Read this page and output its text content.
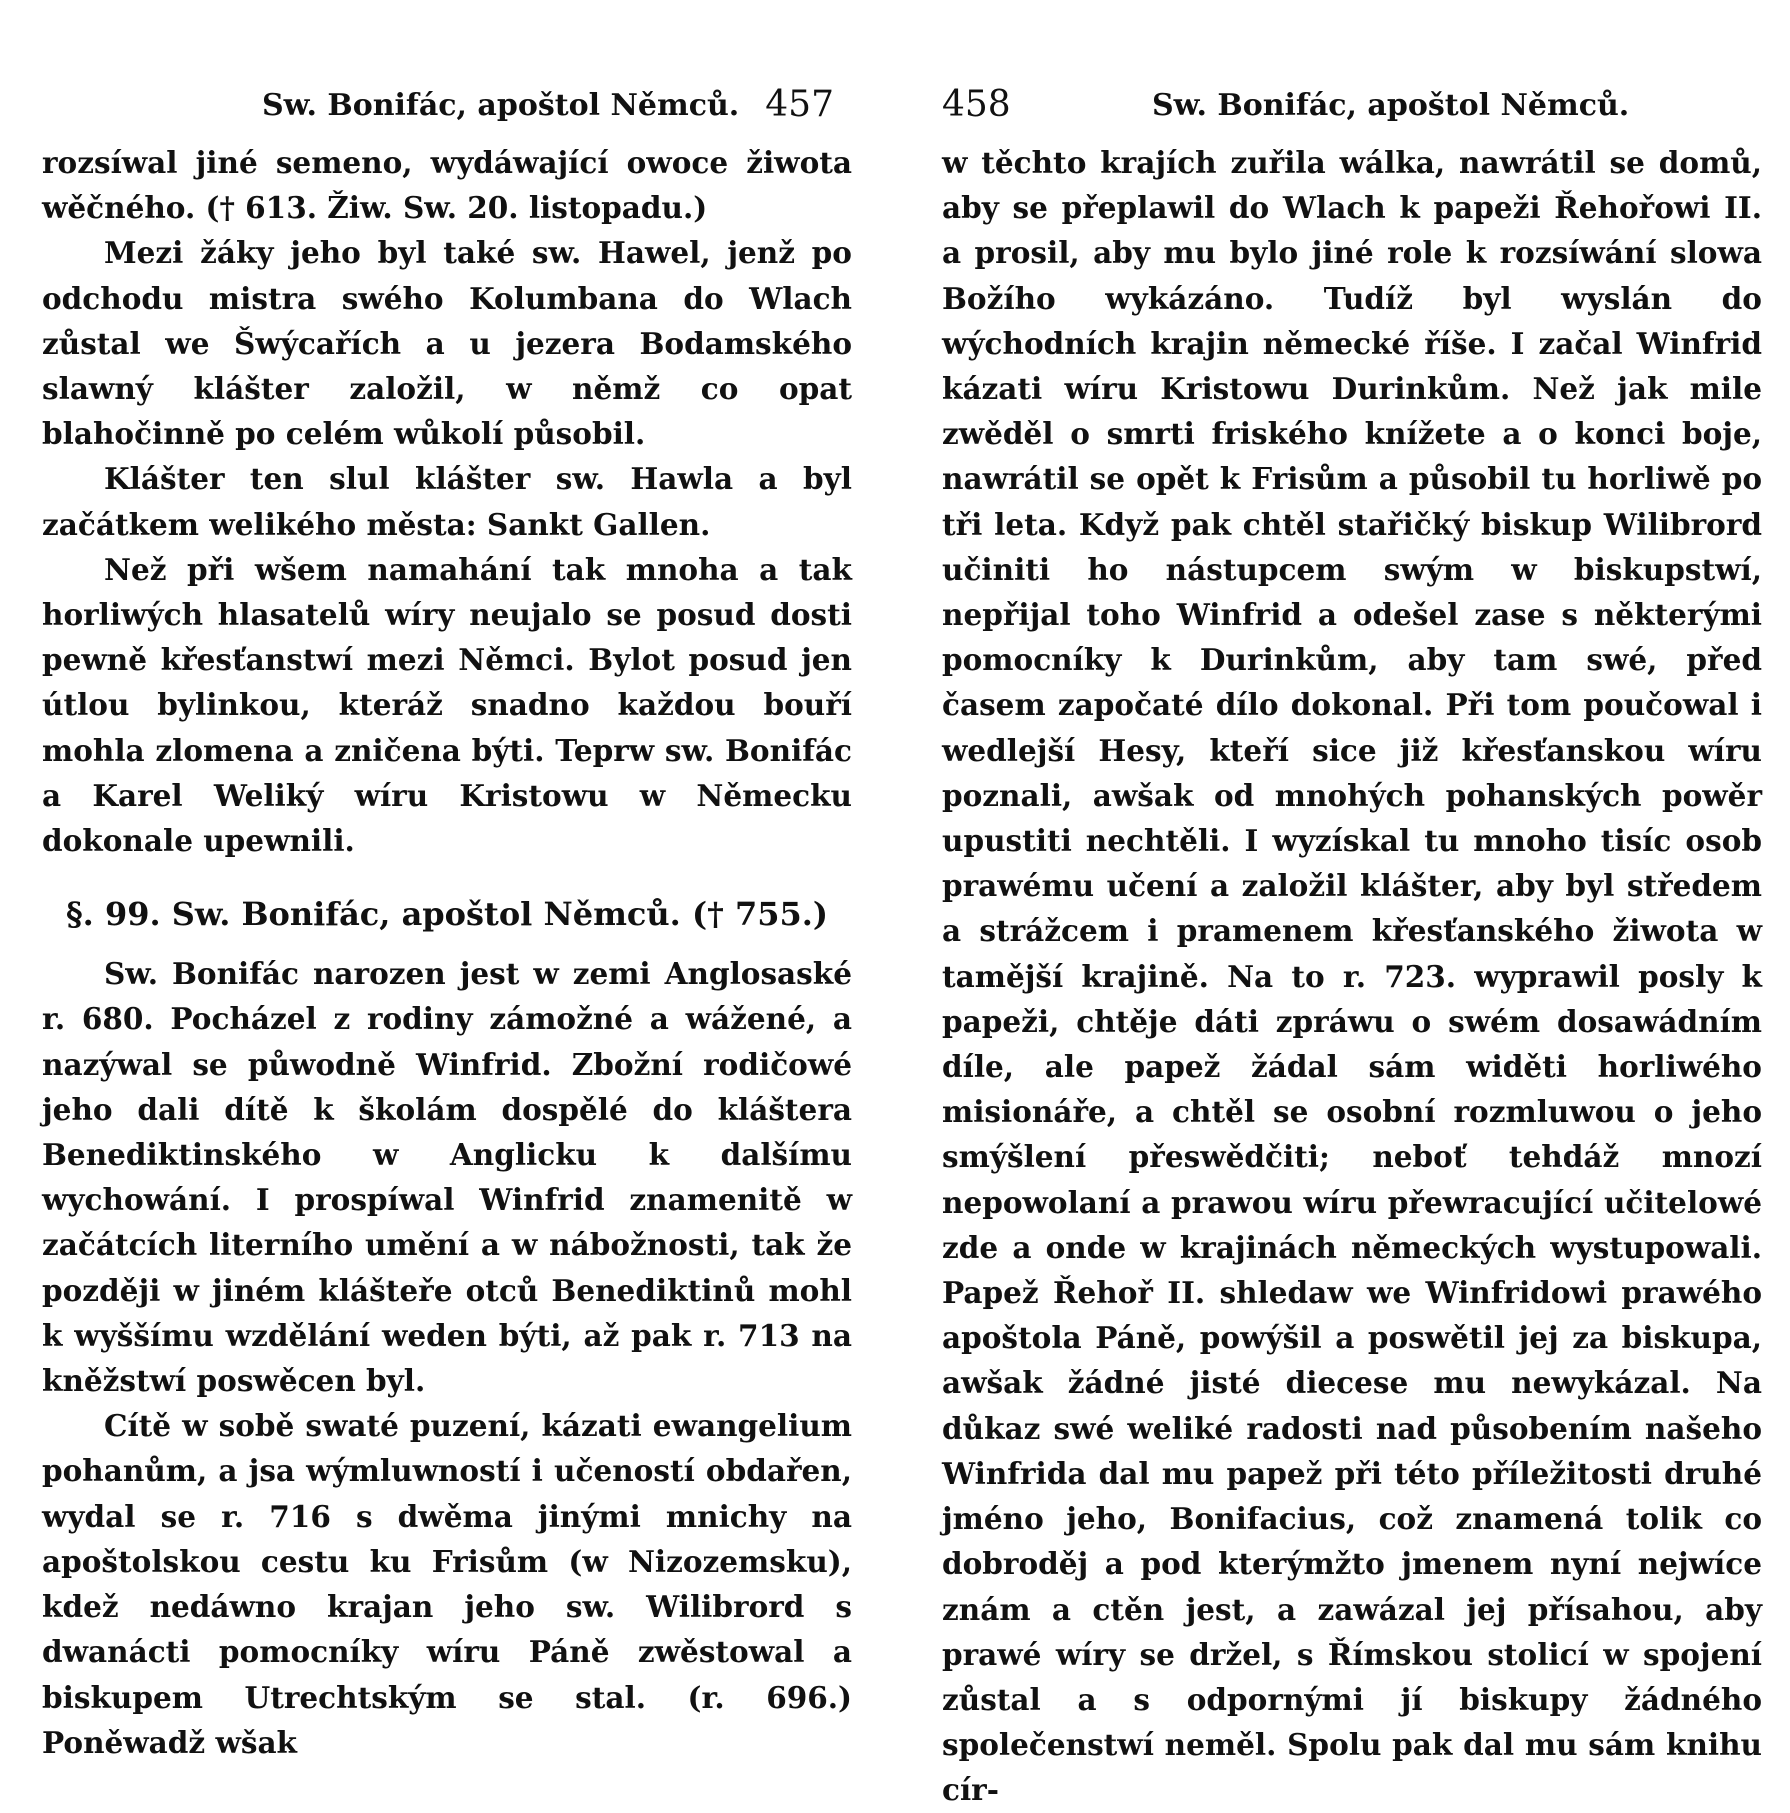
Sw. Bonifác, apoštol Němců. 457

rozsíwal jiné semeno, wydáwající owoce žiwota wěčného. († 613. Žiw. Sw. 20. listopadu.)

Mezi žáky jeho byl také sw. Hawel, jenž po odchodu mistra swého Kolumbana do Wlach zůstal we Šwýcařích a u jezera Bodamského slawný klášter založil, w němž co opat blahočinně po celém wůkolí působil.

Klášter ten slul klášter sw. Hawla a byl začátkem welikého města: Sankt Gallen.

Než při wšem namahání tak mnoha a tak horliwých hlasatelů wíry neujalo se posud dosti pewně křesťanstwí mezi Němci. Bylot posud jen útlou bylinkou, kteráž snadno každou bouří mohla zlomena a zničena býti. Teprw sw. Bonifác a Karel Weliký wíru Kristowu w Německu dokonale upewnili.

§. 99. Sw. Bonifác, apoštol Němců. († 755.)

Sw. Bonifác narozen jest w zemi Anglosaské r. 680. Pocházel z rodiny zámožné a wážené, a nazýwal se půwodně Winfrid. Zbožní rodičowé jeho dali dítě k školám dospělé do kláštera Benediktinského w Anglicku k dalšímu wychowání. I prospíwal Winfrid znamenitě w začátcích literního umění a w nábožnosti, tak že později w jiném klášteře otců Benediktinů mohl k wyššímu wzdělání weden býti, až pak r. 713 na kněžstwí poswěcen byl.

Cítě w sobě swaté puzení, kázati ewangelium pohanům, a jsa wýmluwností i učeností obdařen, wydal se r. 716 s dwěma jinými mnichy na apoštolskou cestu ku Frisům (w Nizozemsku), kdež nedáwno krajan jeho sw. Wilibrord s dwanácti pomocníky wíru Páně zwěstowal a biskupem Utrechtským se stal. (r. 696.) Poněwadž wšak

458	Sw. Bonifác, apoštol Němců.

w těchto krajích zuřila wálka, nawrátil se domů, aby se přeplawil do Wlach k papeži Řehořowi II. a prosil, aby mu bylo jiné role k rozsíwání slowa Božího wykázáno. Tudíž byl wyslán do wýchodních krajin německé říše. I začal Winfrid kázati wíru Kristowu Durinkům. Než jak mile zwěděl o smrti friského knížete a o konci boje, nawrátil se opět k Frisům a působil tu horliwě po tři leta. Když pak chtěl stařičký biskup Wilibrord učiniti ho nástupcem swým w biskupstwí, nepřijal toho Winfrid a odešel zase s některými pomocníky k Durinkům, aby tam swé, před časem započaté dílo dokonal. Při tom poučowal i wedlejší Hesy, kteří sice již křesťanskou wíru poznali, awšak od mnohých pohanských powěr upustiti nechtěli. I wyzískal tu mnoho tisíc osob prawému učení a založil klášter, aby byl středem a strážcem i pramenem křesťanského žiwota w tamější krajině. Na to r. 723. wyprawil posly k papeži, chtěje dáti zpráwu o swém dosawádním díle, ale papež žádal sám widěti horliwého misionáře, a chtěl se osobní rozmluwou o jeho smýšlení přeswědčiti; neboť tehdáž mnozí nepowolaní a prawou wíru přewracující učitelowé zde a onde w krajinách německých wystupowali. Papež Řehoř II. shledaw we Winfridowi prawého apoštola Páně, powýšil a poswětil jej za biskupa, awšak žádné jisté diecese mu newykázal. Na důkaz swé weliké radosti nad působením našeho Winfrida dal mu papež při této příležitosti druhé jméno jeho, Bonifacius, což znamená tolik co dobroděj a pod kterýmžto jmenem nyní nejwíce znám a ctěn jest, a zawázal jej přísahou, aby prawé wíry se držel, s Římskou stolicí w spojení zůstal a s odpornými jí biskupy žádného společenstwí neměl. Spolu pak dal mu sám knihu cír-
